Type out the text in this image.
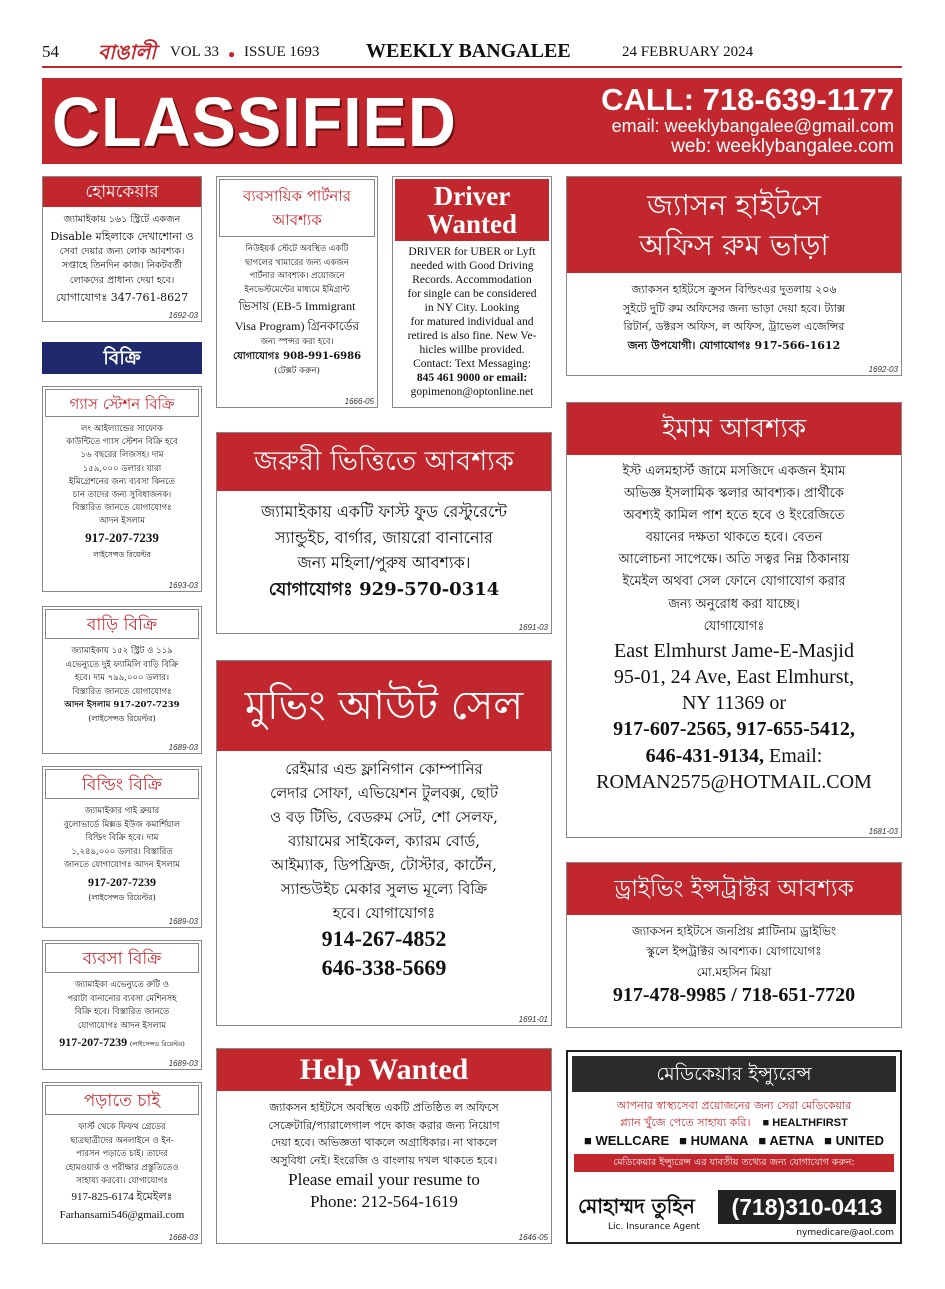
54 বাঙালী VOL 33 ● ISSUE 1693 WEEKLY BANGALEE	24 FEBRUARY 2024
CLASSIFIED	CALL: 718-639-1177
email: weeklybangalee@gmail.com
web: weeklybangalee.com
হোমকেয়ার
জ্যামাইকায় ১৬১ স্ট্রিটে একজন
Disable মহিলাকে দেখাশোনা ও
সেবা দেয়ার জন্য লোক আবশ্যক।
সপ্তাহে তিনদিন কাজ। নিকটবর্তী
লোকদের প্রাধান্য দেয়া হবে।
যোগাযোগঃ 347-761-8627
1692-03
বিক্রি
গ্যাস স্টেশন বিক্রি
লং আইল্যান্ডের সাফোক
কাউন্টিতে গ্যাস স্টেশন বিক্রি হবে
১৬ বছরের লিজসহ। দাম
১৫৯,০০০ ডলার। যারা
ইমিগ্রেশনের জন্য ব্যবসা কিনতে
চান তাদের জন্য সুবিধাজনক।
বিস্তারিত জানতে যোগাযোগঃ
আদন ইসলাম
917-207-7239
লাইসেন্সড রিয়েল্টর
1693-03
বাড়ি বিক্রি
জ্যামাইকায় ১৫২ স্ট্রিট ও ১১৯
এভেন্যুতে দুই ফ্যামিলি বাড়ি বিক্রি
হবে। দাম ৭৯৯,০০০ ডলার।
বিস্তারিত জানতে যোগাযোগঃ
আদন ইসলাম 917-207-7239
(লাইসেন্সড রিয়েল্টর)
1689-03
বিল্ডিং বিক্রি
জ্যামাইকার গাই ব্রুয়ার
বুলোভার্ডে মিক্সড ইউজ কমার্শিয়াল
বিল্ডিং বিক্রি হবে। দাম
১,২৪৯,০০০ ডলার। বিস্তারিত
জানতে যোগাযোগঃ আদন ইসলাম
917-207-7239
(লাইসেন্সড রিয়েল্টর)
1689-03
ব্যবসা বিক্রি
জ্যামাইকা এভেন্যুতে রুটি ও
পরাটা বানানোর ব্যবসা মেশিনসহ
বিক্রি হবে। বিস্তারিত জানতে
যোগাযোগঃ আদন ইসলাম
917-207-7239 (লাইসেন্সড রিয়েল্টর)
1689-03
পড়াতে চাই
ফার্স্ট থেকে ফিফথ গ্রেডের
ছাত্রছাত্রীদের অনলাইনে ও ইন-
পারসন পড়াতে চাই। তাদের
হোমওয়ার্ক ও পরীক্ষার প্রস্তুতিতেও
সাহায্য করবো। যোগাযোগঃ
917-825-6174 ইমেইলঃ
Farhansami546@gmail.com
1668-03
ব্যবসায়িক পার্টনার
আবশ্যক
নিউইয়র্ক স্টেটে অবস্থিত একটি
ছাগলের খামারের জন্য একজন
পার্টনার আবশ্যক। প্রয়োজনে
ইনভেস্টমেন্টের মাধ্যমে ইমিগ্রান্ট
ভিসায় (EB-5 Immigrant
Visa Program) গ্রিনকার্ডের
জন্য স্পন্সর করা হবে।
যোগাযোগঃ 908-991-6986
(টেক্সট করুন)
1666-05
Driver
Wanted
DRIVER for UBER or Lyft
needed with Good Driving
Records. Accommodation
for single can be considered
in NY City. Looking
for matured individual and
retired is also fine. New Ve-
hicles willbe provided.
Contact: Text Messaging:
845 461 9000 or email:
gopimenon@optonline.net
জরুরী ভিত্তিতে আবশ্যক
জ্যামাইকায় একটি ফাস্ট ফুড রেস্টুরেন্টে
স্যান্ডুইচ, বার্গার, জায়রো বানানোর
জন্য মহিলা/পুরুষ আবশ্যক।
যোগাযোগঃ 929-570-0314
1691-03
মুভিং আউট সেল
রেইমার এন্ড ফ্লানিগান কোম্পানির
লেদার সোফা, এভিয়েশন টুলবক্স, ছোট
ও বড় টিভি, বেডরুম সেট, শো সেলফ,
ব্যায়ামের সাইকেল, ক্যারম বোর্ড,
আইম্যাক, ডিপফ্রিজ, টোস্টার, কার্টেন,
স্যান্ডউইচ মেকার সুলভ মূল্যে বিক্রি
হবে। যোগাযোগঃ
914-267-4852
646-338-5669
1691-01
Help Wanted
জ্যাকসন হাইটসে অবস্থিত একটি প্রতিষ্ঠিত ল অফিসে
সেক্রেটারি/প্যারালেগাল পদে কাজ করার জন্য নিয়োগ
দেয়া হবে। অভিজ্ঞতা থাকলে অগ্রাধিকার। না থাকলে
অসুবিধা নেই। ইংরেজি ও বাংলায় দখল থাকতে হবে।
Please email your resume to
Phone: 212-564-1619
1646-05
জ্যাসন হাইটসে
অফিস রুম ভাড়া
জ্যাকসন হাইটসে ক্রুসন বিল্ডিংএর দুতলায় ২০৬
সুইটে দুটি রুম অফিসের জন্য ভাড়া দেয়া হবে। ট্যাক্স
রিটার্ন, ডক্টরস অফিস, ল অফিস, ট্রাভেল এজেন্সির
জন্য উপযোগী। যোগাযোগঃ 917-566-1612
1692-03
ইমাম আবশ্যক
ইস্ট এলমহার্স্ট জামে মসজিদে একজন ইমাম
অভিজ্ঞ ইসলামিক স্কলার আবশ্যক। প্রার্থীকে
অবশ্যই কামিল পাশ হতে হবে ও ইংরেজিতে
বয়ানের দক্ষতা থাকতে হবে। বেতন
আলোচনা সাপেক্ষে। অতি সত্বর নিম্ন ঠিকানায়
ইমেইল অথবা সেল ফোনে যোগাযোগ করার
জন্য অনুরোধ করা যাচ্ছে।
যোগাযোগঃ
East Elmhurst Jame-E-Masjid
95-01, 24 Ave, East Elmhurst,
NY 11369 or
917-607-2565, 917-655-5412,
646-431-9134, Email:
ROMAN2575@HOTMAIL.COM
1681-03
ড্রাইভিং ইন্সট্রাক্টর আবশ্যক
জ্যাকসন হাইটসে জনপ্রিয় প্লাটিনাম ড্রাইভিং
স্কুলে ইন্সট্রাক্টর আবশ্যক। যোগাযোগঃ
মো.মহসিন মিয়া
917-478-9985 / 718-651-7720
মেডিকেয়ার ইন্স্যুরেন্স
আপনার স্বাস্থ্যসেবা প্রয়োজনের জন্য সেরা মেডিকেয়ার
প্ল্যান খুঁজে পেতে সাহায্য করি। ■ HEALTHFIRST
■ WELLCARE ■ HUMANA ■ AETNA ■ UNITED
মেডিকেয়ার ইন্স্যুরেন্স এর যাবতীয় তথ্যের জন্য যোগাযোগ করুন:
মোহাম্মদ তুহিন
Lic. Insurance Agent
(718)310-0413
nymedicare@aol.com
